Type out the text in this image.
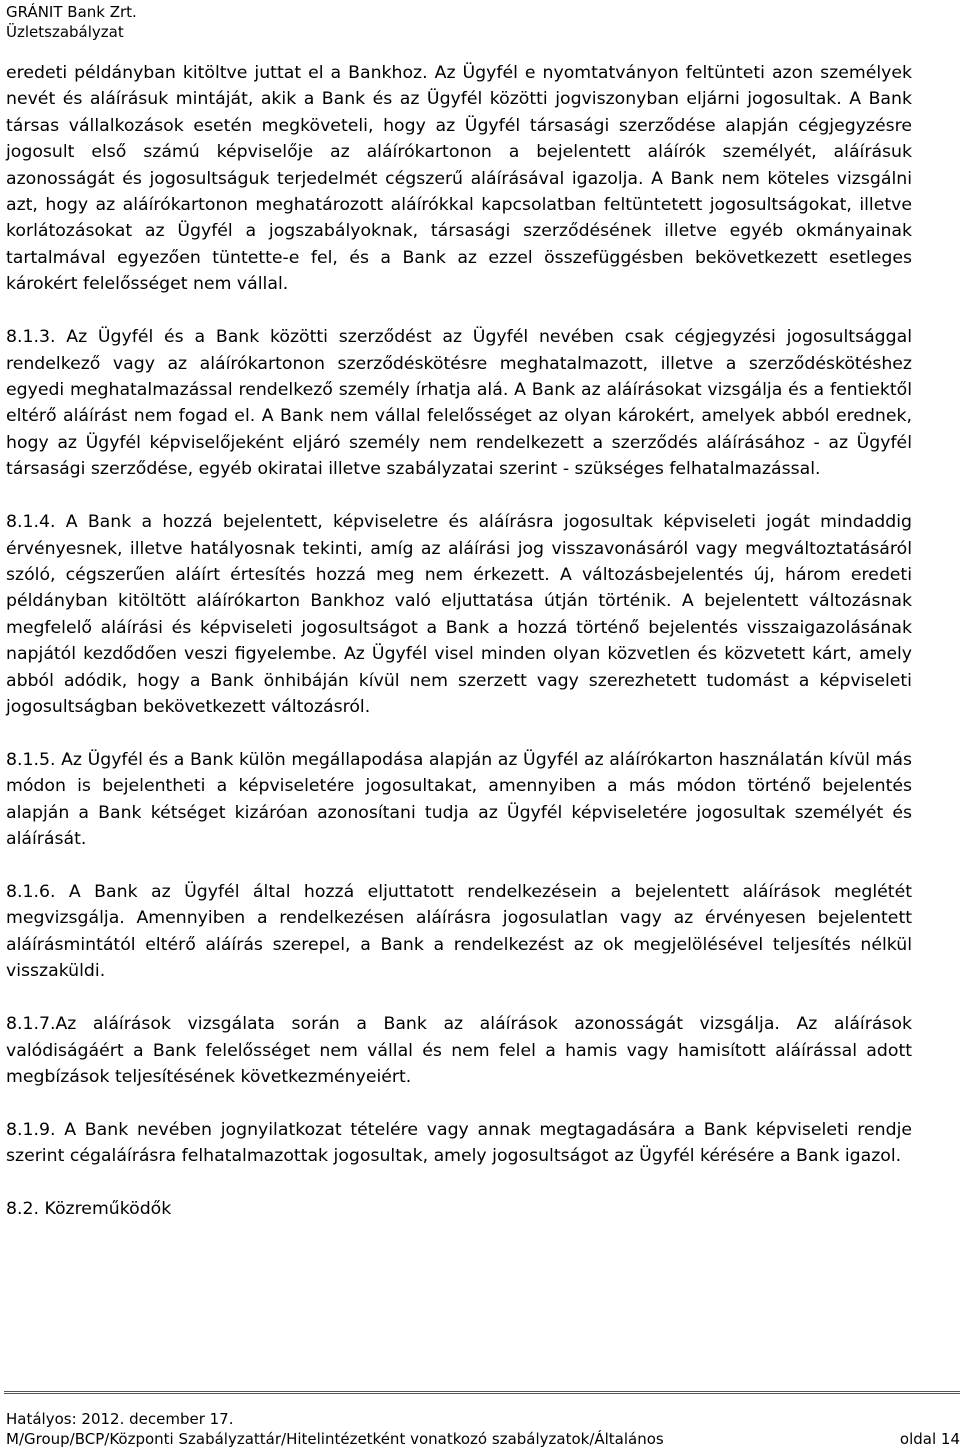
GRÁNIT Bank Zrt.
Üzletszabályzat

eredeti példányban kitöltve juttat el a Bankhoz. Az Ügyfél e nyomtatványon feltünteti azon személyek nevét és aláírásuk mintáját, akik a Bank és az Ügyfél közötti jogviszonyban eljárni jogosultak. A Bank társas vállalkozások esetén megköveteli, hogy az Ügyfél társasági szerződése alapján cégjegyzésre jogosult első számú képviselője az aláírókartonon a bejelentett aláírók személyét, aláírásuk azonosságát és jogosultságuk terjedelmét cégszerű aláírásával igazolja. A Bank nem köteles vizsgálni azt, hogy az aláírókartonon meghatározott aláírókkal kapcsolatban feltüntetett jogosultságokat, illetve korlátozásokat az Ügyfél a jogszabályoknak, társasági szerződésének illetve egyéb okmányainak tartalmával egyezően tüntette-e fel, és a Bank az ezzel összefüggésben bekövetkezett esetleges károkért felelősséget nem vállal.

8.1.3. Az Ügyfél és a Bank közötti szerződést az Ügyfél nevében csak cégjegyzési jogosultsággal rendelkező vagy az aláírókartonon szerződéskötésre meghatalmazott, illetve a szerződéskötéshez egyedi meghatalmazással rendelkező személy írhatja alá. A Bank az aláírásokat vizsgálja és a fentiektől eltérő aláírást nem fogad el. A Bank nem vállal felelősséget az olyan károkért, amelyek abból erednek, hogy az Ügyfél képviselőjeként eljáró személy nem rendelkezett a szerződés aláírásához - az Ügyfél társasági szerződése, egyéb okiratai illetve szabályzatai szerint - szükséges felhatalmazással.

8.1.4. A Bank a hozzá bejelentett, képviseletre és aláírásra jogosultak képviseleti jogát mindaddig érvényesnek, illetve hatályosnak tekinti, amíg az aláírási jog visszavonásáról vagy megváltoztatásáról szóló, cégszerűen aláírt értesítés hozzá meg nem érkezett. A változásbejelentés új, három eredeti példányban kitöltött aláírókarton Bankhoz való eljuttatása útján történik. A bejelentett változásnak megfelelő aláírási és képviseleti jogosultságot a Bank a hozzá történő bejelentés visszaigazolásának napjától kezdődően veszi figyelembe. Az Ügyfél visel minden olyan közvetlen és közvetett kárt, amely abból adódik, hogy a Bank önhibáján kívül nem szerzett vagy szerezhetett tudomást a képviseleti jogosultságban bekövetkezett változásról.

8.1.5. Az Ügyfél és a Bank külön megállapodása alapján az Ügyfél az aláírókarton használatán kívül más módon is bejelentheti a képviseletére jogosultakat, amennyiben a más módon történő bejelentés alapján a Bank kétséget kizáróan azonosítani tudja az Ügyfél képviseletére jogosultak személyét és aláírását.

8.1.6. A Bank az Ügyfél által hozzá eljuttatott rendelkezésein a bejelentett aláírások meglétét megvizsgálja. Amennyiben a rendelkezésen aláírásra jogosulatlan vagy az érvényesen bejelentett aláírásmintától eltérő aláírás szerepel, a Bank a rendelkezést az ok megjelölésével teljesítés nélkül visszaküldi.

8.1.7.Az aláírások vizsgálata során a Bank az aláírások azonosságát vizsgálja. Az aláírások valódiságáért a Bank felelősséget nem vállal és nem felel a hamis vagy hamisított aláírással adott megbízások teljesítésének következményeiért.

8.1.9. A Bank nevében jognyilatkozat tételére vagy annak megtagadására a Bank képviseleti rendje szerint cégaláírásra felhatalmazottak jogosultak, amely jogosultságot az Ügyfél kérésére a Bank igazol.

8.2. Közreműködők

Hatályos: 2012. december 17.
M/Group/BCP/Központi Szabályzattár/Hitelintézetként vonatkozó szabályzatok/Általános	oldal 14
